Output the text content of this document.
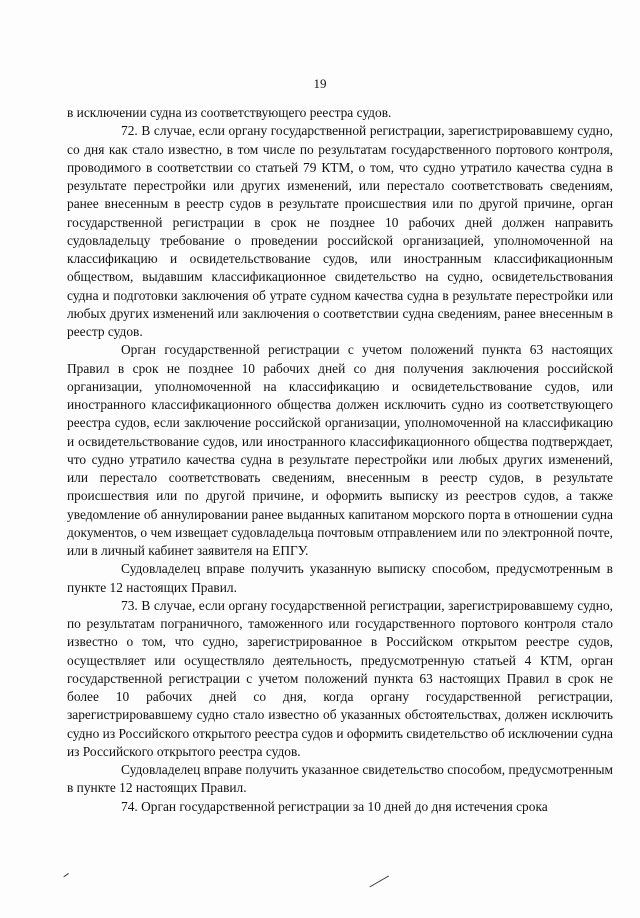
19

в исключении судна из соответствующего реестра судов.

72. В случае, если органу государственной регистрации, зарегистрировавшему судно, со дня как стало известно, в том числе по результатам государственного портового контроля, проводимого в соответствии со статьей 79 КТМ, о том, что судно утратило качества судна в результате перестройки или других изменений, или перестало соответствовать сведениям, ранее внесенным в реестр судов в результате происшествия или по другой причине, орган государственной регистрации в срок не позднее 10 рабочих дней должен направить судовладельцу требование о проведении российской организацией, уполномоченной на классификацию и освидетельствование судов, или иностранным классификационным обществом, выдавшим классификационное свидетельство на судно, освидетельствования судна и подготовки заключения об утрате судном качества судна в результате перестройки или любых других изменений или заключения о соответствии судна сведениям, ранее внесенным в реестр судов.

Орган государственной регистрации с учетом положений пункта 63 настоящих Правил в срок не позднее 10 рабочих дней со дня получения заключения российской организации, уполномоченной на классификацию и освидетельствование судов, или иностранного классификационного общества должен исключить судно из соответствующего реестра судов, если заключение российской организации, уполномоченной на классификацию и освидетельствование судов, или иностранного классификационного общества подтверждает, что судно утратило качества судна в результате перестройки или любых других изменений, или перестало соответствовать сведениям, внесенным в реестр судов, в результате происшествия или по другой причине, и оформить выписку из реестров судов, а также уведомление об аннулировании ранее выданных капитаном морского порта в отношении судна документов, о чем извещает судовладельца почтовым отправлением или по электронной почте, или в личный кабинет заявителя на ЕПГУ.

Судовладелец вправе получить указанную выписку способом, предусмотренным в пункте 12 настоящих Правил.

73. В случае, если органу государственной регистрации, зарегистрировавшему судно, по результатам пограничного, таможенного или государственного портового контроля стало известно о том, что судно, зарегистрированное в Российском открытом реестре судов, осуществляет или осуществляло деятельность, предусмотренную статьей 4 КТМ, орган государственной регистрации с учетом положений пункта 63 настоящих Правил в срок не более 10 рабочих дней со дня, когда органу государственной регистрации, зарегистрировавшему судно стало известно об указанных обстоятельствах, должен исключить судно из Российского открытого реестра судов и оформить свидетельство об исключении судна из Российского открытого реестра судов.

Судовладелец вправе получить указанное свидетельство способом, предусмотренным в пункте 12 настоящих Правил.

74. Орган государственной регистрации за 10 дней до дня истечения срока
